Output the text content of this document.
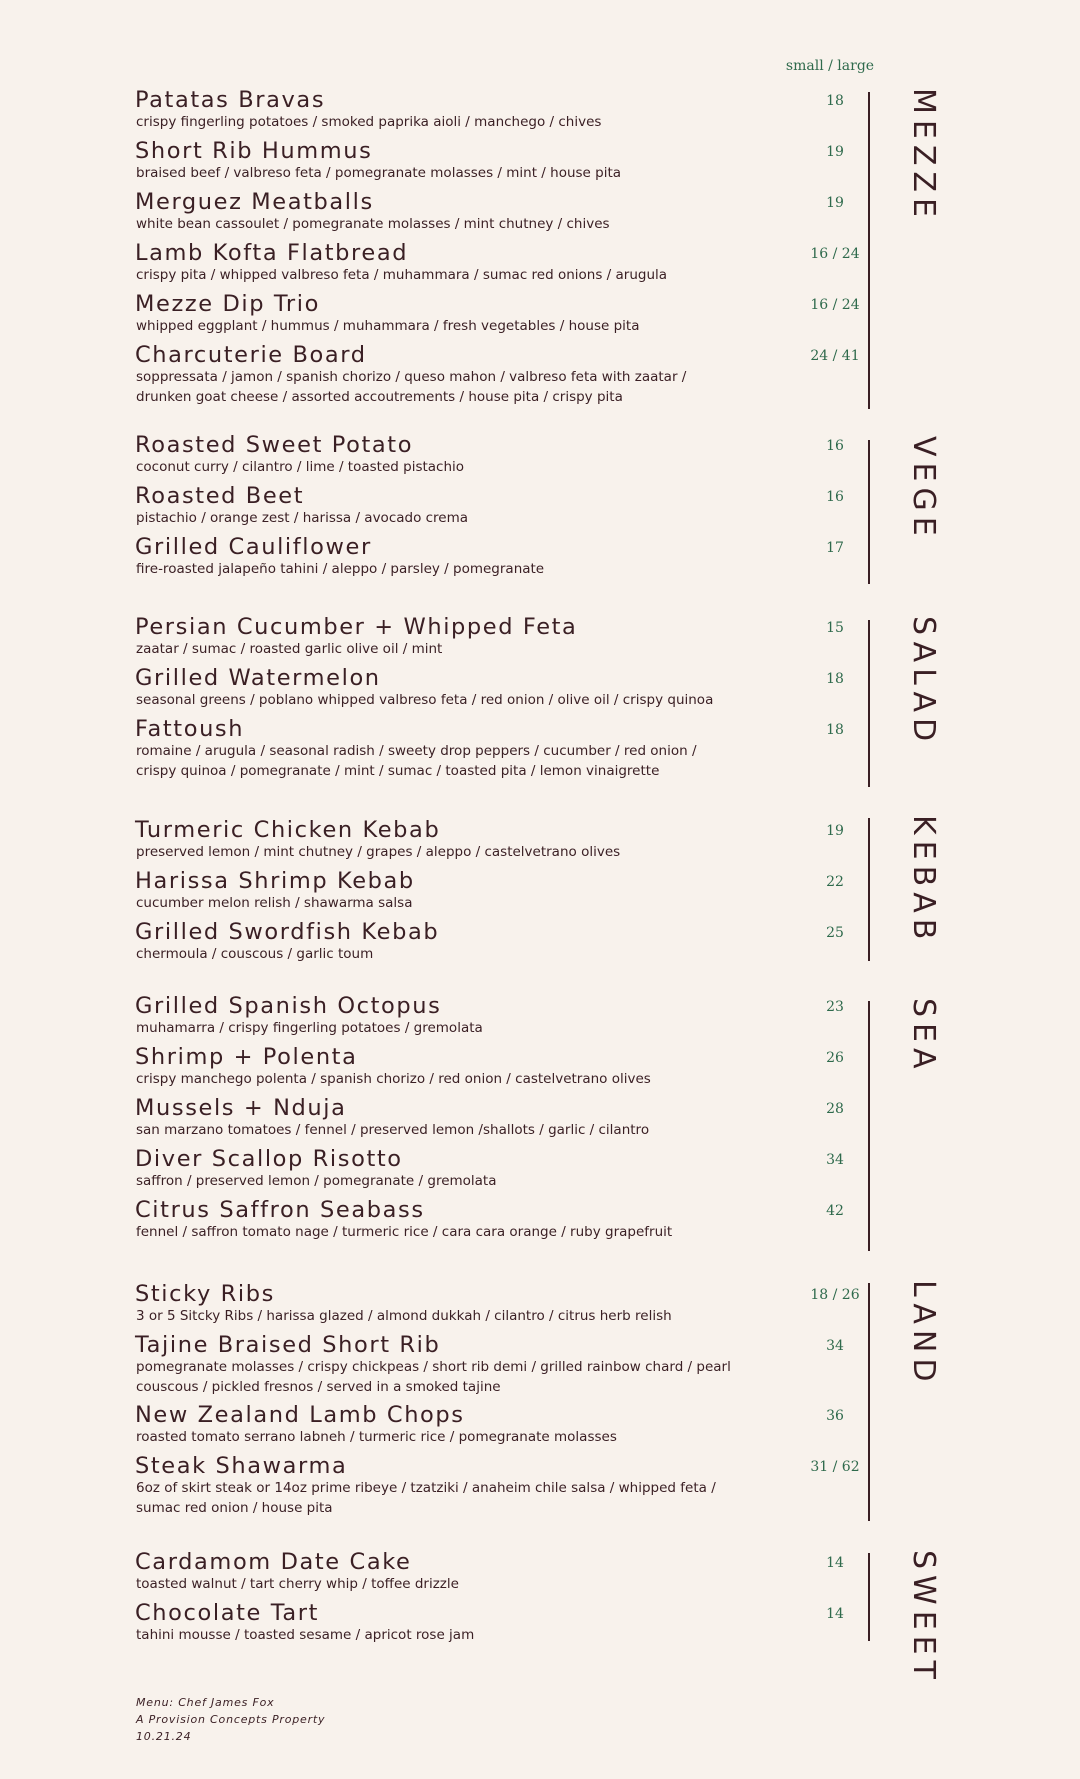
small / large
MEZZE
Patatas Bravas
crispy fingerling potatoes / smoked paprika aioli / manchego / chives
18
Short Rib Hummus
braised beef / valbreso feta / pomegranate molasses / mint / house pita
19
Merguez Meatballs
white bean cassoulet / pomegranate molasses / mint chutney / chives
19
Lamb Kofta Flatbread
crispy pita / whipped valbreso feta / muhammara / sumac red onions / arugula
16 / 24
Mezze Dip Trio
whipped eggplant / hummus / muhammara / fresh vegetables / house pita
16 / 24
Charcuterie Board
soppressata / jamon / spanish chorizo / queso mahon / valbreso feta with zaatar / drunken goat cheese / assorted accoutrements / house pita / crispy pita
24 / 41
VEGE
Roasted Sweet Potato
coconut curry / cilantro / lime / toasted pistachio
16
Roasted Beet
pistachio / orange zest / harissa / avocado crema
16
Grilled Cauliflower
fire-roasted jalapeño tahini / aleppo / parsley / pomegranate
17
SALAD
Persian Cucumber + Whipped Feta
zaatar / sumac / roasted garlic olive oil / mint
15
Grilled Watermelon
seasonal greens / poblano whipped valbreso feta / red onion / olive oil / crispy quinoa
18
Fattoush
romaine / arugula / seasonal radish / sweety drop peppers / cucumber / red onion / crispy quinoa / pomegranate / mint / sumac / toasted pita / lemon vinaigrette
18
KEBAB
Turmeric Chicken Kebab
preserved lemon / mint chutney / grapes / aleppo / castelvetrano olives
19
Harissa Shrimp Kebab
cucumber melon relish / shawarma salsa
22
Grilled Swordfish Kebab
chermoula / couscous / garlic toum
25
SEA
Grilled Spanish Octopus
muhamarra / crispy fingerling potatoes / gremolata
23
Shrimp + Polenta
crispy manchego polenta / spanish chorizo / red onion / castelvetrano olives
26
Mussels + Nduja
san marzano tomatoes / fennel / preserved lemon /shallots / garlic / cilantro
28
Diver Scallop Risotto
saffron / preserved lemon / pomegranate / gremolata
34
Citrus Saffron Seabass
fennel / saffron tomato nage / turmeric rice / cara cara orange / ruby grapefruit
42
LAND
Sticky Ribs
3 or 5 Sitcky Ribs / harissa glazed / almond dukkah / cilantro / citrus herb relish
18 / 26
Tajine Braised Short Rib
pomegranate molasses / crispy chickpeas / short rib demi / grilled rainbow chard / pearl couscous / pickled fresnos / served in a smoked tajine
34
New Zealand Lamb Chops
roasted tomato serrano labneh / turmeric rice / pomegranate molasses
36
Steak Shawarma
6oz of skirt steak or 14oz prime ribeye / tzatziki / anaheim chile salsa / whipped feta / sumac red onion / house pita
31 / 62
SWEET
Cardamom Date Cake
toasted walnut / tart cherry whip / toffee drizzle
14
Chocolate Tart
tahini mousse / toasted sesame / apricot rose jam
14
Menu: Chef James Fox
A Provision Concepts Property
10.21.24
